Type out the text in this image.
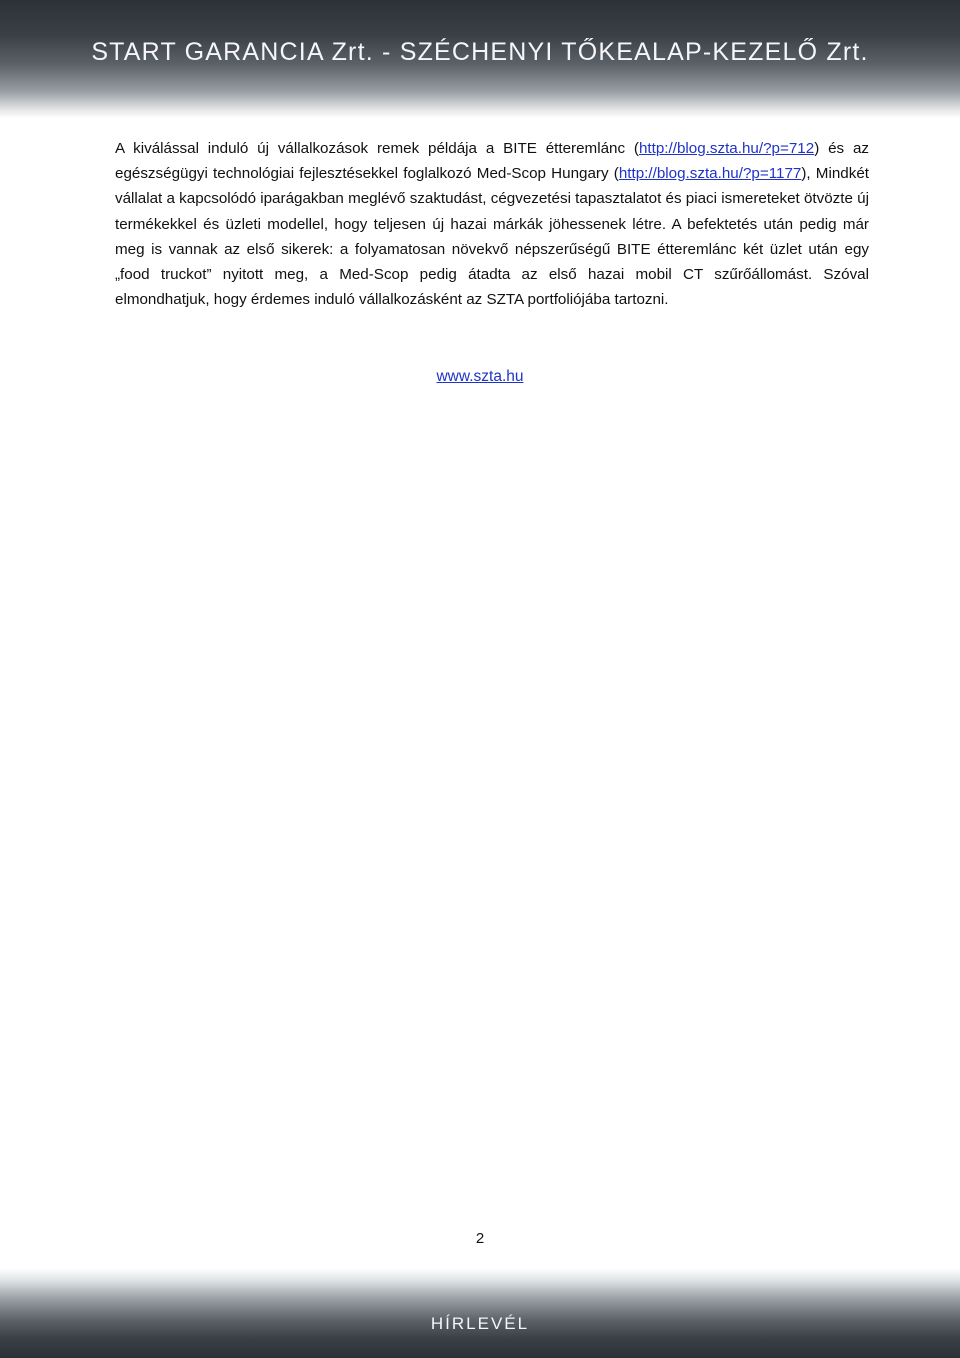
START GARANCIA Zrt. - SZÉCHENYI TŐKEALAP-KEZELŐ Zrt.

A kiválással induló új vállalkozások remek példája a BITE étteremlánc (http://blog.szta.hu/?p=712) és az egészségügyi technológiai fejlesztésekkel foglalkozó Med-Scop Hungary (http://blog.szta.hu/?p=1177), Mindkét vállalat a kapcsolódó iparágakban meglévő szaktudást, cégvezetési tapasztalatot és piaci ismereteket ötvözte új termékekkel és üzleti modellel, hogy teljesen új hazai márkák jöhessenek létre. A befektetés után pedig már meg is vannak az első sikerek: a folyamatosan növekvő népszerűségű BITE étteremlánc két üzlet után egy „food truckot” nyitott meg, a Med-Scop pedig átadta az első hazai mobil CT szűrőállomást. Szóval elmondhatjuk, hogy érdemes induló vállalkozásként az SZTA portfoliójába tartozni.

www.szta.hu
2
HÍRLEVÉL
